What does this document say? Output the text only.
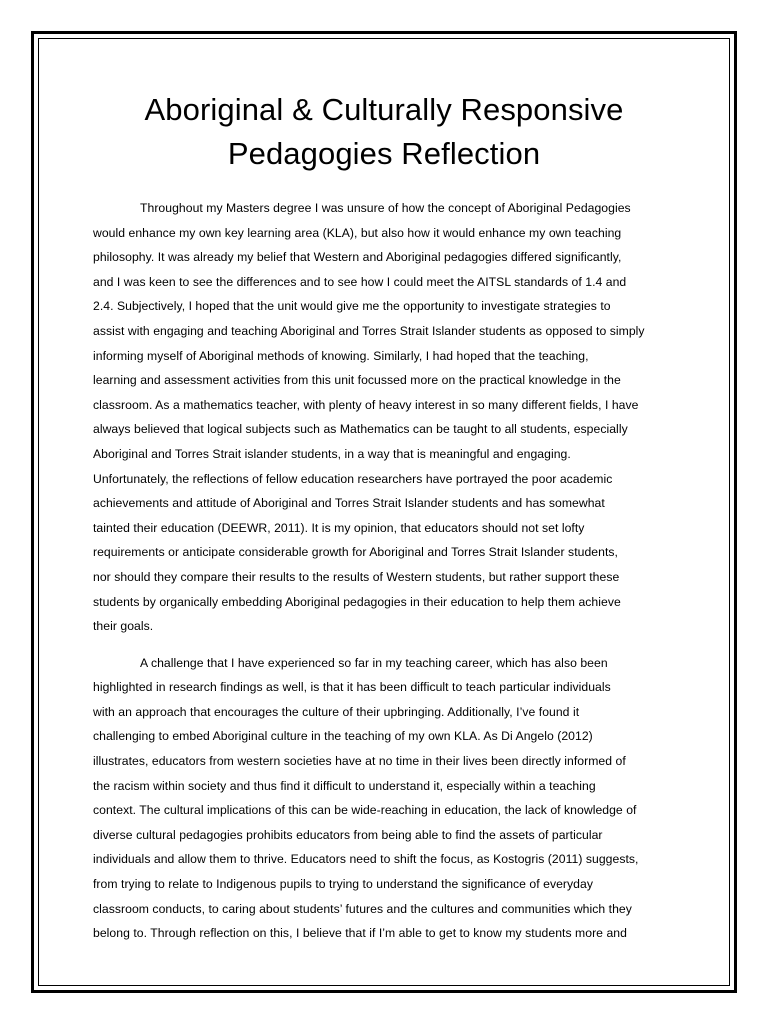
Aboriginal & Culturally Responsive
Pedagogies Reflection
Throughout my Masters degree I was unsure of how the concept of Aboriginal Pedagogies
would enhance my own key learning area (KLA), but also how it would enhance my own teaching
philosophy. It was already my belief that Western and Aboriginal pedagogies differed significantly,
and I was keen to see the differences and to see how I could meet the AITSL standards of 1.4 and
2.4. Subjectively, I hoped that the unit would give me the opportunity to investigate strategies to
assist with engaging and teaching Aboriginal and Torres Strait Islander students as opposed to simply
informing myself of Aboriginal methods of knowing. Similarly, I had hoped that the teaching,
learning and assessment activities from this unit focussed more on the practical knowledge in the
classroom. As a mathematics teacher, with plenty of heavy interest in so many different fields, I have
always believed that logical subjects such as Mathematics can be taught to all students, especially
Aboriginal and Torres Strait islander students, in a way that is meaningful and engaging.
Unfortunately, the reflections of fellow education researchers have portrayed the poor academic
achievements and attitude of Aboriginal and Torres Strait Islander students and has somewhat
tainted their education (DEEWR, 2011). It is my opinion, that educators should not set lofty
requirements or anticipate considerable growth for Aboriginal and Torres Strait Islander students,
nor should they compare their results to the results of Western students, but rather support these
students by organically embedding Aboriginal pedagogies in their education to help them achieve
their goals.
A challenge that I have experienced so far in my teaching career, which has also been
highlighted in research findings as well, is that it has been difficult to teach particular individuals
with an approach that encourages the culture of their upbringing. Additionally, I’ve found it
challenging to embed Aboriginal culture in the teaching of my own KLA. As Di Angelo (2012)
illustrates, educators from western societies have at no time in their lives been directly informed of
the racism within society and thus find it difficult to understand it, especially within a teaching
context. The cultural implications of this can be wide-reaching in education, the lack of knowledge of
diverse cultural pedagogies prohibits educators from being able to find the assets of particular
individuals and allow them to thrive. Educators need to shift the focus, as Kostogris (2011) suggests,
from trying to relate to Indigenous pupils to trying to understand the significance of everyday
classroom conducts, to caring about students’ futures and the cultures and communities which they
belong to. Through reflection on this, I believe that if I’m able to get to know my students more and
